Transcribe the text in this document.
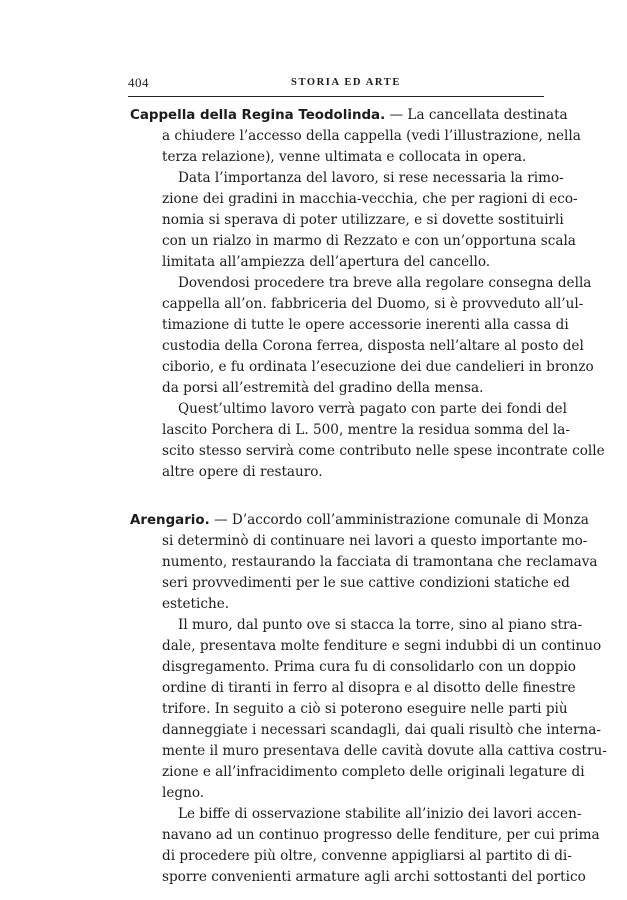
404	STORIA ED ARTE
Cappella della Regina Teodolinda. — La cancellata destinata
a chiudere l’accesso della cappella (vedi l’illustrazione, nella
terza relazione), venne ultimata e collocata in opera.
Data l’importanza del lavoro, si rese necessaria la rimo-
zione dei gradini in macchia-vecchia, che per ragioni di eco-
nomia si sperava di poter utilizzare, e si dovette sostituirli
con un rialzo in marmo di Rezzato e con un’opportuna scala
limitata all’ampiezza dell’apertura del cancello.
Dovendosi procedere tra breve alla regolare consegna della
cappella all’on. fabbriceria del Duomo, si è provveduto all’ul-
timazione di tutte le opere accessorie inerenti alla cassa di
custodia della Corona ferrea, disposta nell’altare al posto del
ciborio, e fu ordinata l’esecuzione dei due candelieri in bronzo
da porsi all’estremità del gradino della mensa.
Quest’ultimo lavoro verrà pagato con parte dei fondi del
lascito Porchera di L. 500, mentre la residua somma del la-
scito stesso servirà come contributo nelle spese incontrate colle
altre opere di restauro.
Arengario. — D’accordo coll’amministrazione comunale di Monza
si determinò di continuare nei lavori a questo importante mo-
numento, restaurando la facciata di tramontana che reclamava
seri provvedimenti per le sue cattive condizioni statiche ed
estetiche.
Il muro, dal punto ove si stacca la torre, sino al piano stra-
dale, presentava molte fenditure e segni indubbi di un continuo
disgregamento. Prima cura fu di consolidarlo con un doppio
ordine di tiranti in ferro al disopra e al disotto delle finestre
trifore. In seguito a ciò si poterono eseguire nelle parti più
danneggiate i necessari scandagli, dai quali risultò che interna-
mente il muro presentava delle cavità dovute alla cattiva costru-
zione e all’infracidimento completo delle originali legature di
legno.
Le biffe di osservazione stabilite all’inizio dei lavori accen-
navano ad un continuo progresso delle fenditure, per cui prima
di procedere più oltre, convenne appigliarsi al partito di di-
sporre convenienti armature agli archi sottostanti del portico
